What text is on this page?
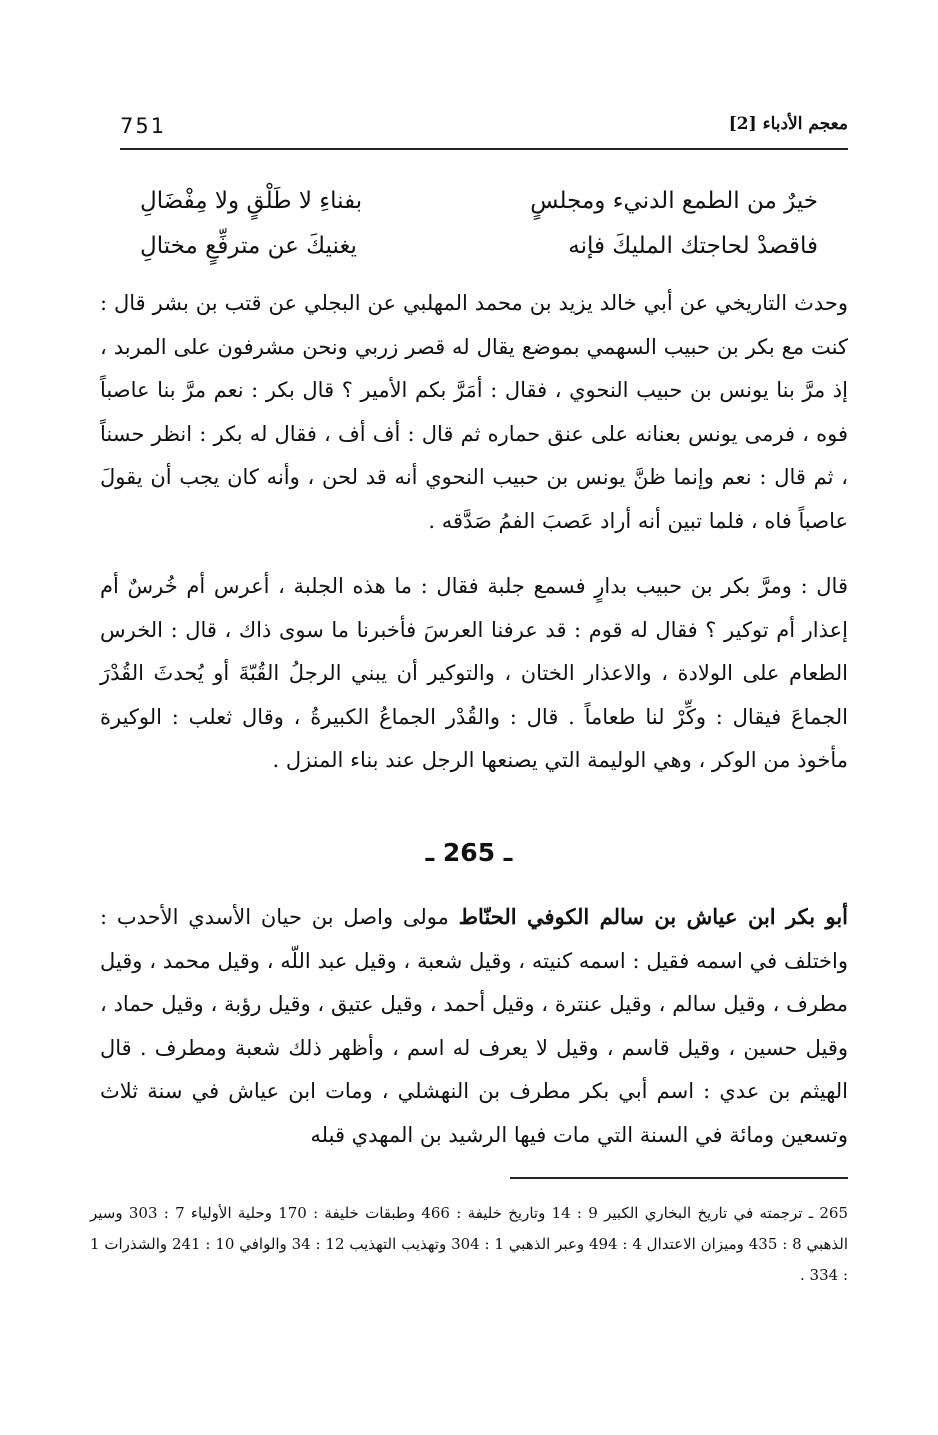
751	معجم الأدباء [2]
خيرٌ من الطمع الدنيء ومجلسٍ
بفناءِ لا طَلْقٍ ولا مِفْضَالِ
فاقصدْ لحاجتك المليكَ فإنه
يغنيكَ عن مترفِّعٍ مختالِ
وحدث التاريخي عن أبي خالد يزيد بن محمد المهلبي عن البجلي عن قتب بن بشر قال : كنت مع بكر بن حبيب السهمي بموضع يقال له قصر زربي ونحن مشرفون على المربد ، إذ مرَّ بنا يونس بن حبيب النحوي ، فقال : أمَرَّ بكم الأمير ؟ قال بكر : نعم مرَّ بنا عاصباً فوه ، فرمى يونس بعنانه على عنق حماره ثم قال : أف أف ، فقال له بكر : انظر حسناً ، ثم قال : نعم وإنما ظنَّ يونس بن حبيب النحوي أنه قد لحن ، وأنه كان يجب أن يقولَ عاصباً فاه ، فلما تبين أنه أراد عَصبَ الفمُ صَدَّقه .
قال : ومرَّ بكر بن حبيب بدارٍ فسمع جلبة فقال : ما هذه الجلبة ، أعرس أم خُرسٌ أم إعذار أم توكير ؟ فقال له قوم : قد عرفنا العرسَ فأخبرنا ما سوى ذاك ، قال : الخرس الطعام على الولادة ، والاعذار الختان ، والتوكير أن يبني الرجلُ القُبّةَ أو يُحدثَ القُدْرَ الجماعَ فيقال : وكِّرْ لنا طعاماً . قال : والقُدْر الجماعُ الكبيرةُ ، وقال ثعلب : الوكيرة مأخوذ من الوكر ، وهي الوليمة التي يصنعها الرجل عند بناء المنزل .
ـ 265 ـ
أبو بكر ابن عياش بن سالم الكوفي الحنّاط مولى واصل بن حيان الأسدي الأحدب : واختلف في اسمه فقيل : اسمه كنيته ، وقيل شعبة ، وقيل عبد اللّه ، وقيل محمد ، وقيل مطرف ، وقيل سالم ، وقيل عنترة ، وقيل أحمد ، وقيل عتيق ، وقيل رؤبة ، وقيل حماد ، وقيل حسين ، وقيل قاسم ، وقيل لا يعرف له اسم ، وأظهر ذلك شعبة ومطرف . قال الهيثم بن عدي : اسم أبي بكر مطرف بن النهشلي ، ومات ابن عياش في سنة ثلاث وتسعين ومائة في السنة التي مات فيها الرشيد بن المهدي قبله
265 ـ ترجمته في تاريخ البخاري الكبير 9 : 14 وتاريخ خليفة : 466 وطبقات خليفة : 170 وحلية الأولياء 7 : 303 وسير الذهبي 8 : 435 وميزان الاعتدال 4 : 494 وعبر الذهبي 1 : 304 وتهذيب التهذيب 12 : 34 والوافي 10 : 241 والشذرات 1 : 334 .
